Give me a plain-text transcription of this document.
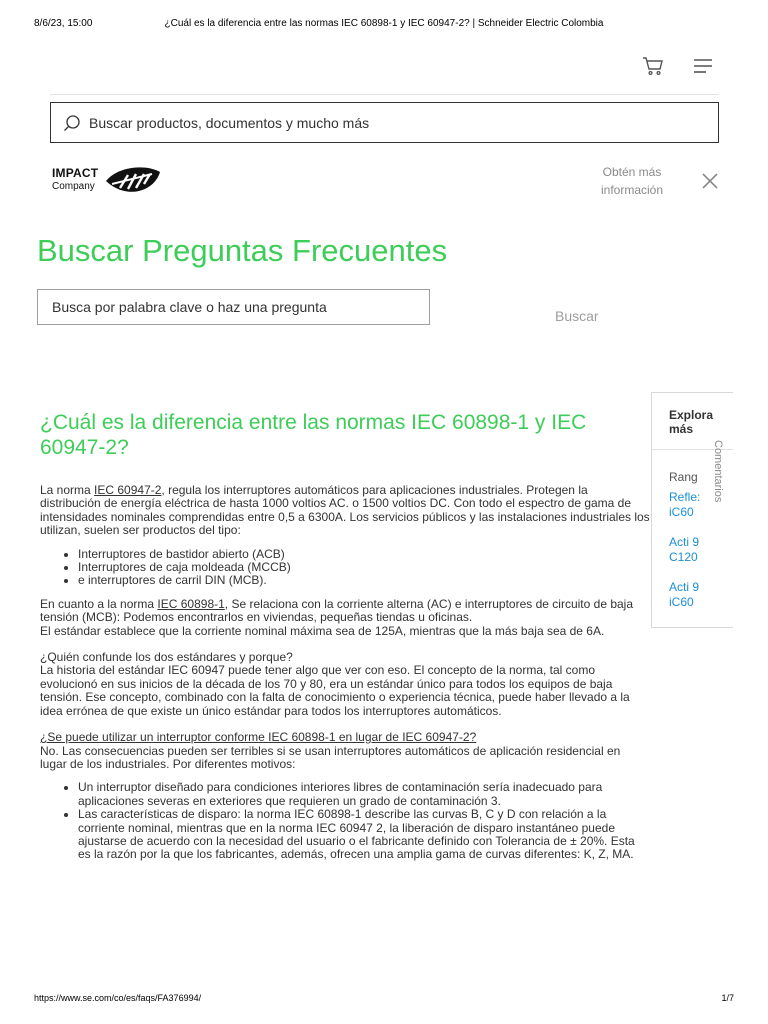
¿Cuál es la diferencia entre las normas IEC 60898-1 y IEC 60947-2? | Schneider Electric Colombia
8/6/23, 15:00
Buscar productos, documentos y mucho más
IMPACT
Company
Obtén más información
Buscar Preguntas Frecuentes
Busca por palabra clave o haz una pregunta
Buscar
¿Cuál es la diferencia entre las normas IEC 60898-1 y IEC 60947-2?

La norma IEC 60947-2, regula los interruptores automáticos para aplicaciones industriales. Protegen la distribución de energía eléctrica de hasta 1000 voltios AC. o 1500 voltios DC. Con todo el espectro de gama de intensidades nominales comprendidas entre 0,5 a 6300A. Los servicios públicos y las instalaciones industriales los utilizan, suelen ser productos del tipo:

• Interruptores de bastidor abierto (ACB)
• Interruptores de caja moldeada (MCCB)
• e interruptores de carril DIN (MCB).

En cuanto a la norma IEC 60898-1, Se relaciona con la corriente alterna (AC) e interruptores de circuito de baja tensión (MCB): Podemos encontrarlos en viviendas, pequeñas tiendas u oficinas.

El estándar establece que la corriente nominal máxima sea de 125A, mientras que la más baja sea de 6A.

¿Quién confunde los dos estándares y porque?

La historia del estándar IEC 60947 puede tener algo que ver con eso. El concepto de la norma, tal como evolucionó en sus inicios de la década de los 70 y 80, era un estándar único para todos los equipos de baja tensión. Ese concepto, combinado con la falta de conocimiento o experiencia técnica, puede haber llevado a la idea errónea de que existe un único estándar para todos los interruptores automáticos.

¿Se puede utilizar un interruptor conforme IEC 60898-1 en lugar de IEC 60947-2?

No. Las consecuencias pueden ser terribles si se usan interruptores automáticos de aplicación residencial en lugar de los industriales. Por diferentes motivos:

• Un interruptor diseñado para condiciones interiores libres de contaminación sería inadecuado para aplicaciones severas en exteriores que requieren un grado de contaminación 3.
• Las características de disparo: la norma IEC 60898-1 describe las curvas B, C y D con relación a la corriente nominal, mientras que en la norma IEC 60947 2, la liberación de disparo instantáneo puede ajustarse de acuerdo con la necesidad del usuario o el fabricante definido con Tolerancia de ± 20%. Esta es la razón por la que los fabricantes, además, ofrecen una amplia gama de curvas diferentes: K, Z, MA.
Explora más
Rang
Refle:
iC60
Acti 9
C120
Acti 9
iC60
Comentarios
https://www.se.com/co/es/faqs/FA376994/	1/7
